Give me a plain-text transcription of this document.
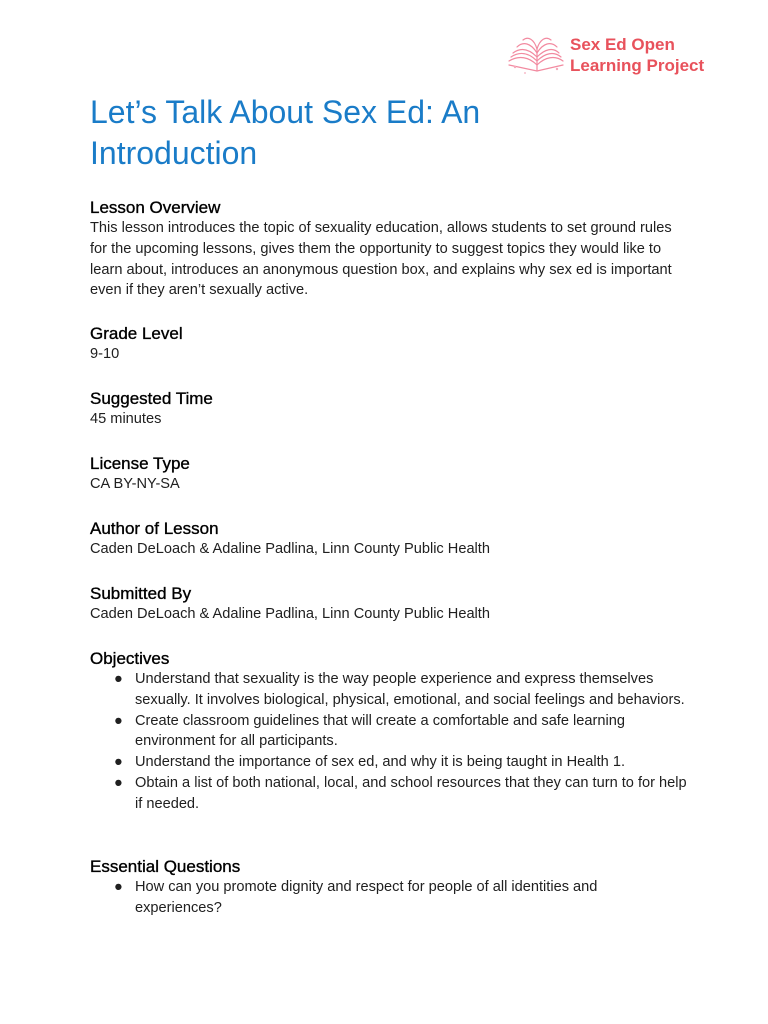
Sex Ed Open
Learning Project
Let’s Talk About Sex Ed: An Introduction
Lesson Overview

This lesson introduces the topic of sexuality education, allows students to set ground rules for the upcoming lessons, gives them the opportunity to suggest topics they would like to learn about, introduces an anonymous question box, and explains why sex ed is important even if they aren’t sexually active.

Grade Level

9-10

Suggested Time

45 minutes

License Type

CA BY-NY-SA

Author of Lesson

Caden DeLoach & Adaline Padlina, Linn County Public Health

Submitted By

Caden DeLoach & Adaline Padlina, Linn County Public Health

Objectives
● Understand that sexuality is the way people experience and express themselves sexually. It involves biological, physical, emotional, and social feelings and behaviors.
● Create classroom guidelines that will create a comfortable and safe learning environment for all participants.
● Understand the importance of sex ed, and why it is being taught in Health 1.
● Obtain a list of both national, local, and school resources that they can turn to for help if needed.
Essential Questions
● How can you promote dignity and respect for people of all identities and experiences?
